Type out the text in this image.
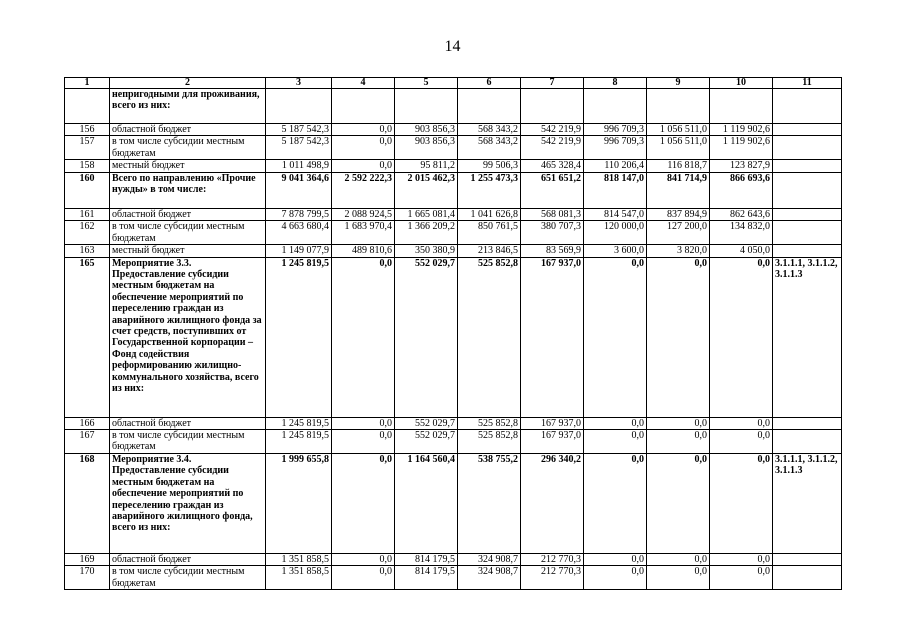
14
1	2	3	4	5	6	7	8	9	10	11
	непригодными для проживания, всего из них:									
156	областной бюджет	5 187 542,3	0,0	903 856,3	568 343,2	542 219,9	996 709,3	1 056 511,0	1 119 902,6	
157	в том числе субсидии местным бюджетам	5 187 542,3	0,0	903 856,3	568 343,2	542 219,9	996 709,3	1 056 511,0	1 119 902,6	
158	местный бюджет	1 011 498,9	0,0	95 811,2	99 506,3	465 328,4	110 206,4	116 818,7	123 827,9	
160	Всего по направлению «Прочие нужды» в том числе:	9 041 364,6	2 592 222,3	2 015 462,3	1 255 473,3	651 651,2	818 147,0	841 714,9	866 693,6	
161	областной бюджет	7 878 799,5	2 088 924,5	1 665 081,4	1 041 626,8	568 081,3	814 547,0	837 894,9	862 643,6	
162	в том числе субсидии местным бюджетам	4 663 680,4	1 683 970,4	1 366 209,2	850 761,5	380 707,3	120 000,0	127 200,0	134 832,0	
163	местный бюджет	1 149 077,9	489 810,6	350 380,9	213 846,5	83 569,9	3 600,0	3 820,0	4 050,0	
165	Мероприятие 3.3. Предоставление субсидии местным бюджетам на обеспечение мероприятий по переселению граждан из аварийного жилищного фонда за счет средств, поступивших от Государственной корпорации – Фонд содействия реформированию жилищно-коммунального хозяйства, всего из них:	1 245 819,5	0,0	552 029,7	525 852,8	167 937,0	0,0	0,0	0,0	3.1.1.1, 3.1.1.2, 3.1.1.3
166	областной бюджет	1 245 819,5	0,0	552 029,7	525 852,8	167 937,0	0,0	0,0	0,0	
167	в том числе субсидии местным бюджетам	1 245 819,5	0,0	552 029,7	525 852,8	167 937,0	0,0	0,0	0,0	
168	Мероприятие 3.4. Предоставление субсидии местным бюджетам на обеспечение мероприятий по переселению граждан из аварийного жилищного фонда, всего из них:	1 999 655,8	0,0	1 164 560,4	538 755,2	296 340,2	0,0	0,0	0,0	3.1.1.1, 3.1.1.2, 3.1.1.3
169	областной бюджет	1 351 858,5	0,0	814 179,5	324 908,7	212 770,3	0,0	0,0	0,0	
170	в том числе субсидии местным бюджетам	1 351 858,5	0,0	814 179,5	324 908,7	212 770,3	0,0	0,0	0,0	
